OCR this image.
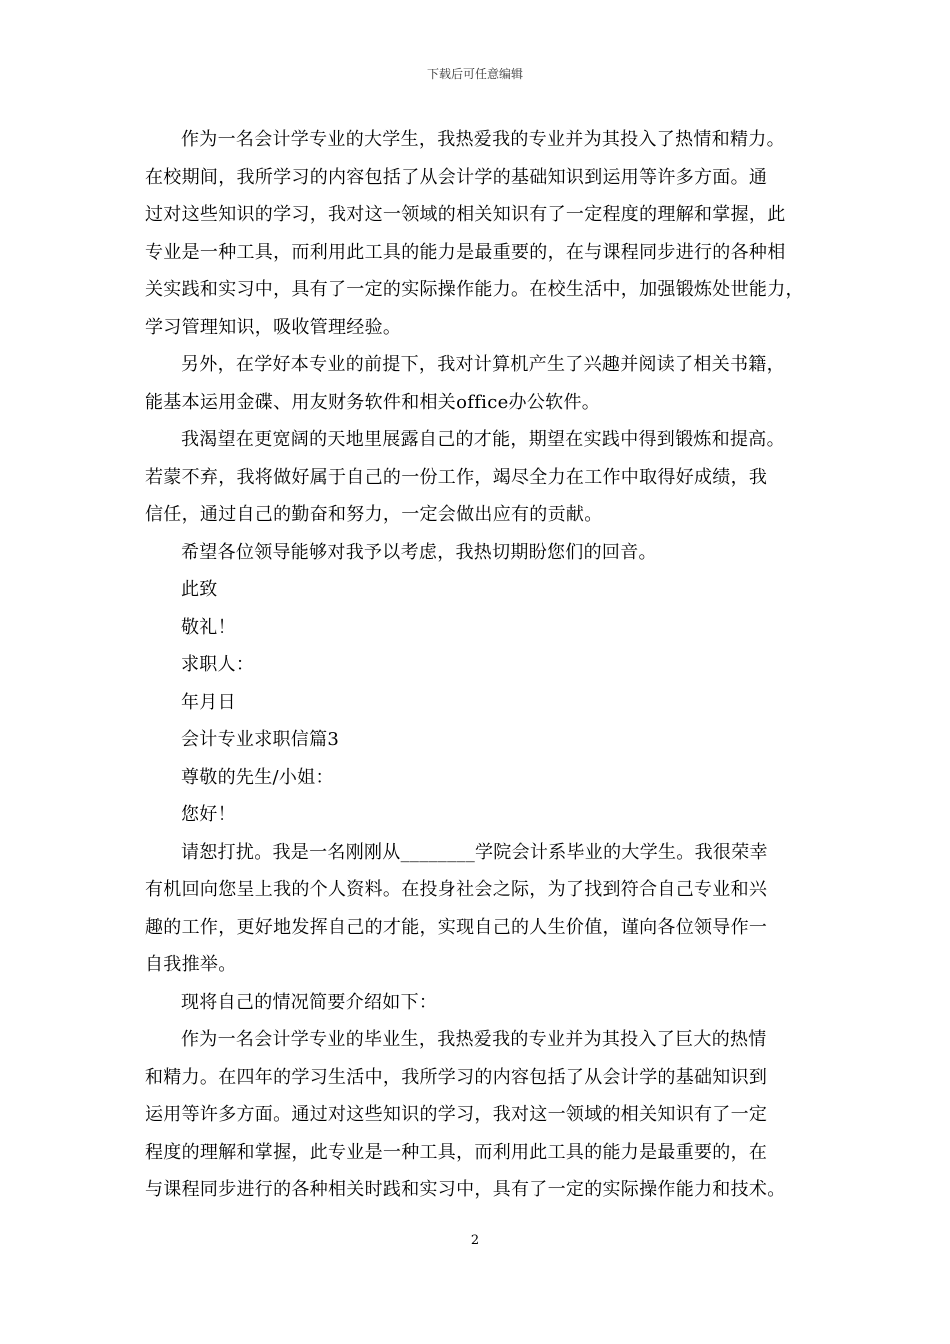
下载后可任意编辑
作为一名会计学专业的大学生，我热爱我的专业并为其投入了热情和精力。
在校期间，我所学习的内容包括了从会计学的基础知识到运用等许多方面。通
过对这些知识的学习，我对这一领域的相关知识有了一定程度的理解和掌握，此
专业是一种工具，而利用此工具的能力是最重要的，在与课程同步进行的各种相
关实践和实习中，具有了一定的实际操作能力。在校生活中，加强锻炼处世能力，
学习管理知识，吸收管理经验。
另外，在学好本专业的前提下，我对计算机产生了兴趣并阅读了相关书籍，
能基本运用金碟、用友财务软件和相关office办公软件。
我渴望在更宽阔的天地里展露自己的才能，期望在实践中得到锻炼和提高。
若蒙不弃，我将做好属于自己的一份工作，竭尽全力在工作中取得好成绩，我
信任，通过自己的勤奋和努力，一定会做出应有的贡献。
希望各位领导能够对我予以考虑，我热切期盼您们的回音。
此致
敬礼！
求职人：
年月日
会计专业求职信篇3
尊敬的先生/小姐：
您好！
请恕打扰。我是一名刚刚从________学院会计系毕业的大学生。我很荣幸
有机回向您呈上我的个人资料。在投身社会之际，为了找到符合自己专业和兴
趣的工作，更好地发挥自己的才能，实现自己的人生价值，谨向各位领导作一
自我推举。
现将自己的情况简要介绍如下：
作为一名会计学专业的毕业生，我热爱我的专业并为其投入了巨大的热情
和精力。在四年的学习生活中，我所学习的内容包括了从会计学的基础知识到
运用等许多方面。通过对这些知识的学习，我对这一领域的相关知识有了一定
程度的理解和掌握，此专业是一种工具，而利用此工具的能力是最重要的，在
与课程同步进行的各种相关时践和实习中，具有了一定的实际操作能力和技术。
2
